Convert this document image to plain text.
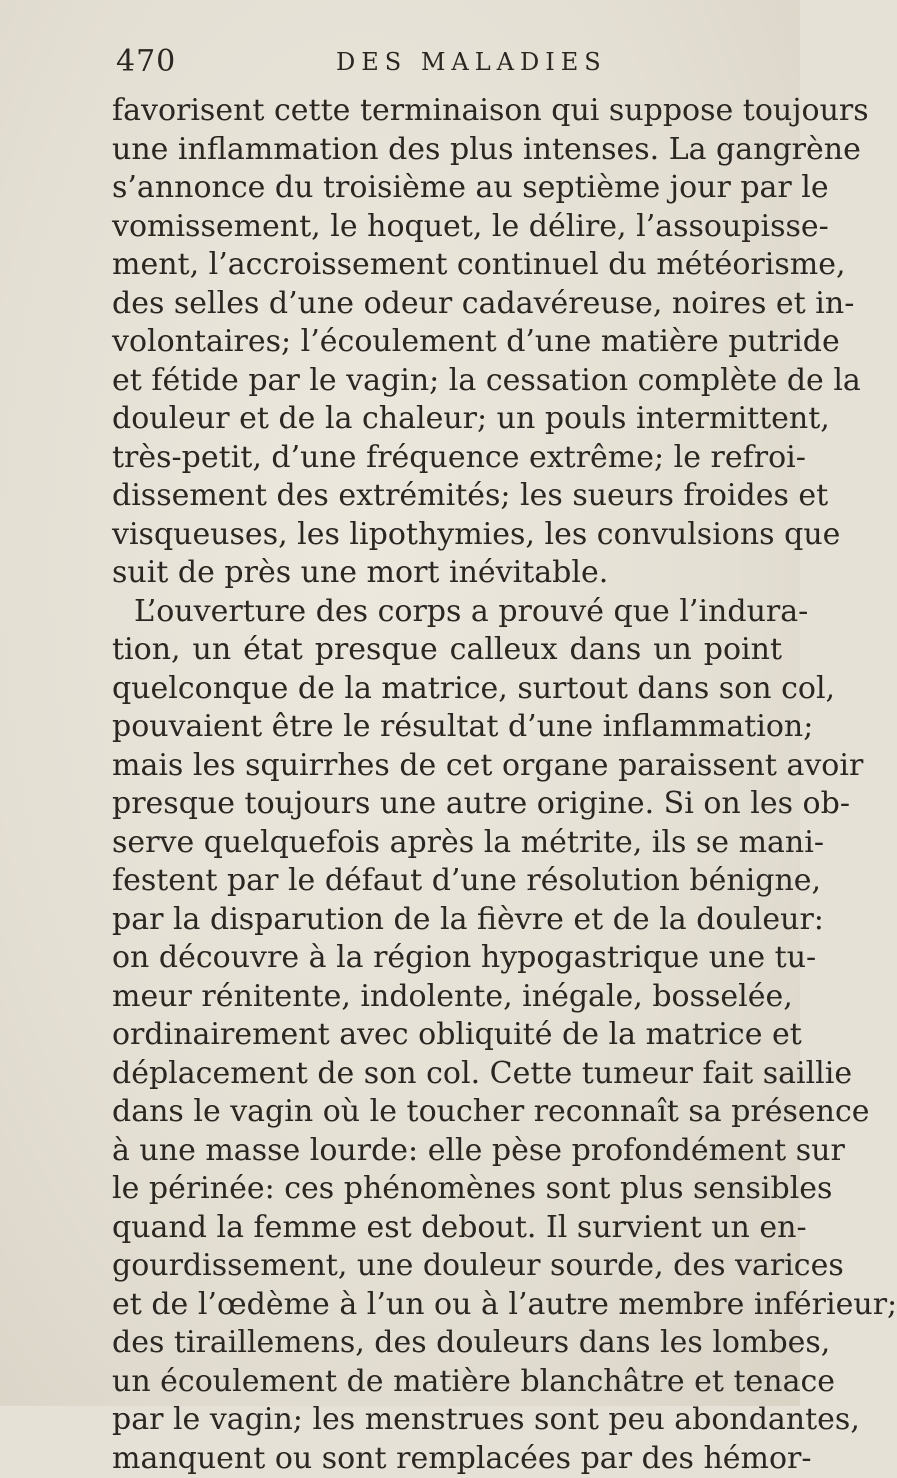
470	DES MALADIES
favorisent cette terminaison qui suppose toujours
une inflammation des plus intenses. La gangrène
s’annonce du troisième au septième jour par le
vomissement, le hoquet, le délire, l’assoupisse-
ment, l’accroissement continuel du météorisme,
des selles d’une odeur cadavéreuse, noires et in-
volontaires; l’écoulement d’une matière putride
et fétide par le vagin; la cessation complète de la
douleur et de la chaleur; un pouls intermittent,
très-petit, d’une fréquence extrême; le refroi-
dissement des extrémités; les sueurs froides et
visqueuses, les lipothymies, les convulsions que
suit de près une mort inévitable.
L’ouverture des corps a prouvé que l’indura-
tion, un état presque calleux dans un point
quelconque de la matrice, surtout dans son col,
pouvaient être le résultat d’une inflammation;
mais les squirrhes de cet organe paraissent avoir
presque toujours une autre origine. Si on les ob-
serve quelquefois après la métrite, ils se mani-
festent par le défaut d’une résolution bénigne,
par la disparution de la fièvre et de la douleur:
on découvre à la région hypogastrique une tu-
meur rénitente, indolente, inégale, bosselée,
ordinairement avec obliquité de la matrice et
déplacement de son col. Cette tumeur fait saillie
dans le vagin où le toucher reconnaît sa présence
à une masse lourde: elle pèse profondément sur
le périnée: ces phénomènes sont plus sensibles
quand la femme est debout. Il survient un en-
gourdissement, une douleur sourde, des varices
et de l’œdème à l’un ou à l’autre membre inférieur;
des tiraillemens, des douleurs dans les lombes,
un écoulement de matière blanchâtre et tenace
par le vagin; les menstrues sont peu abondantes,
manquent ou sont remplacées par des hémor-
